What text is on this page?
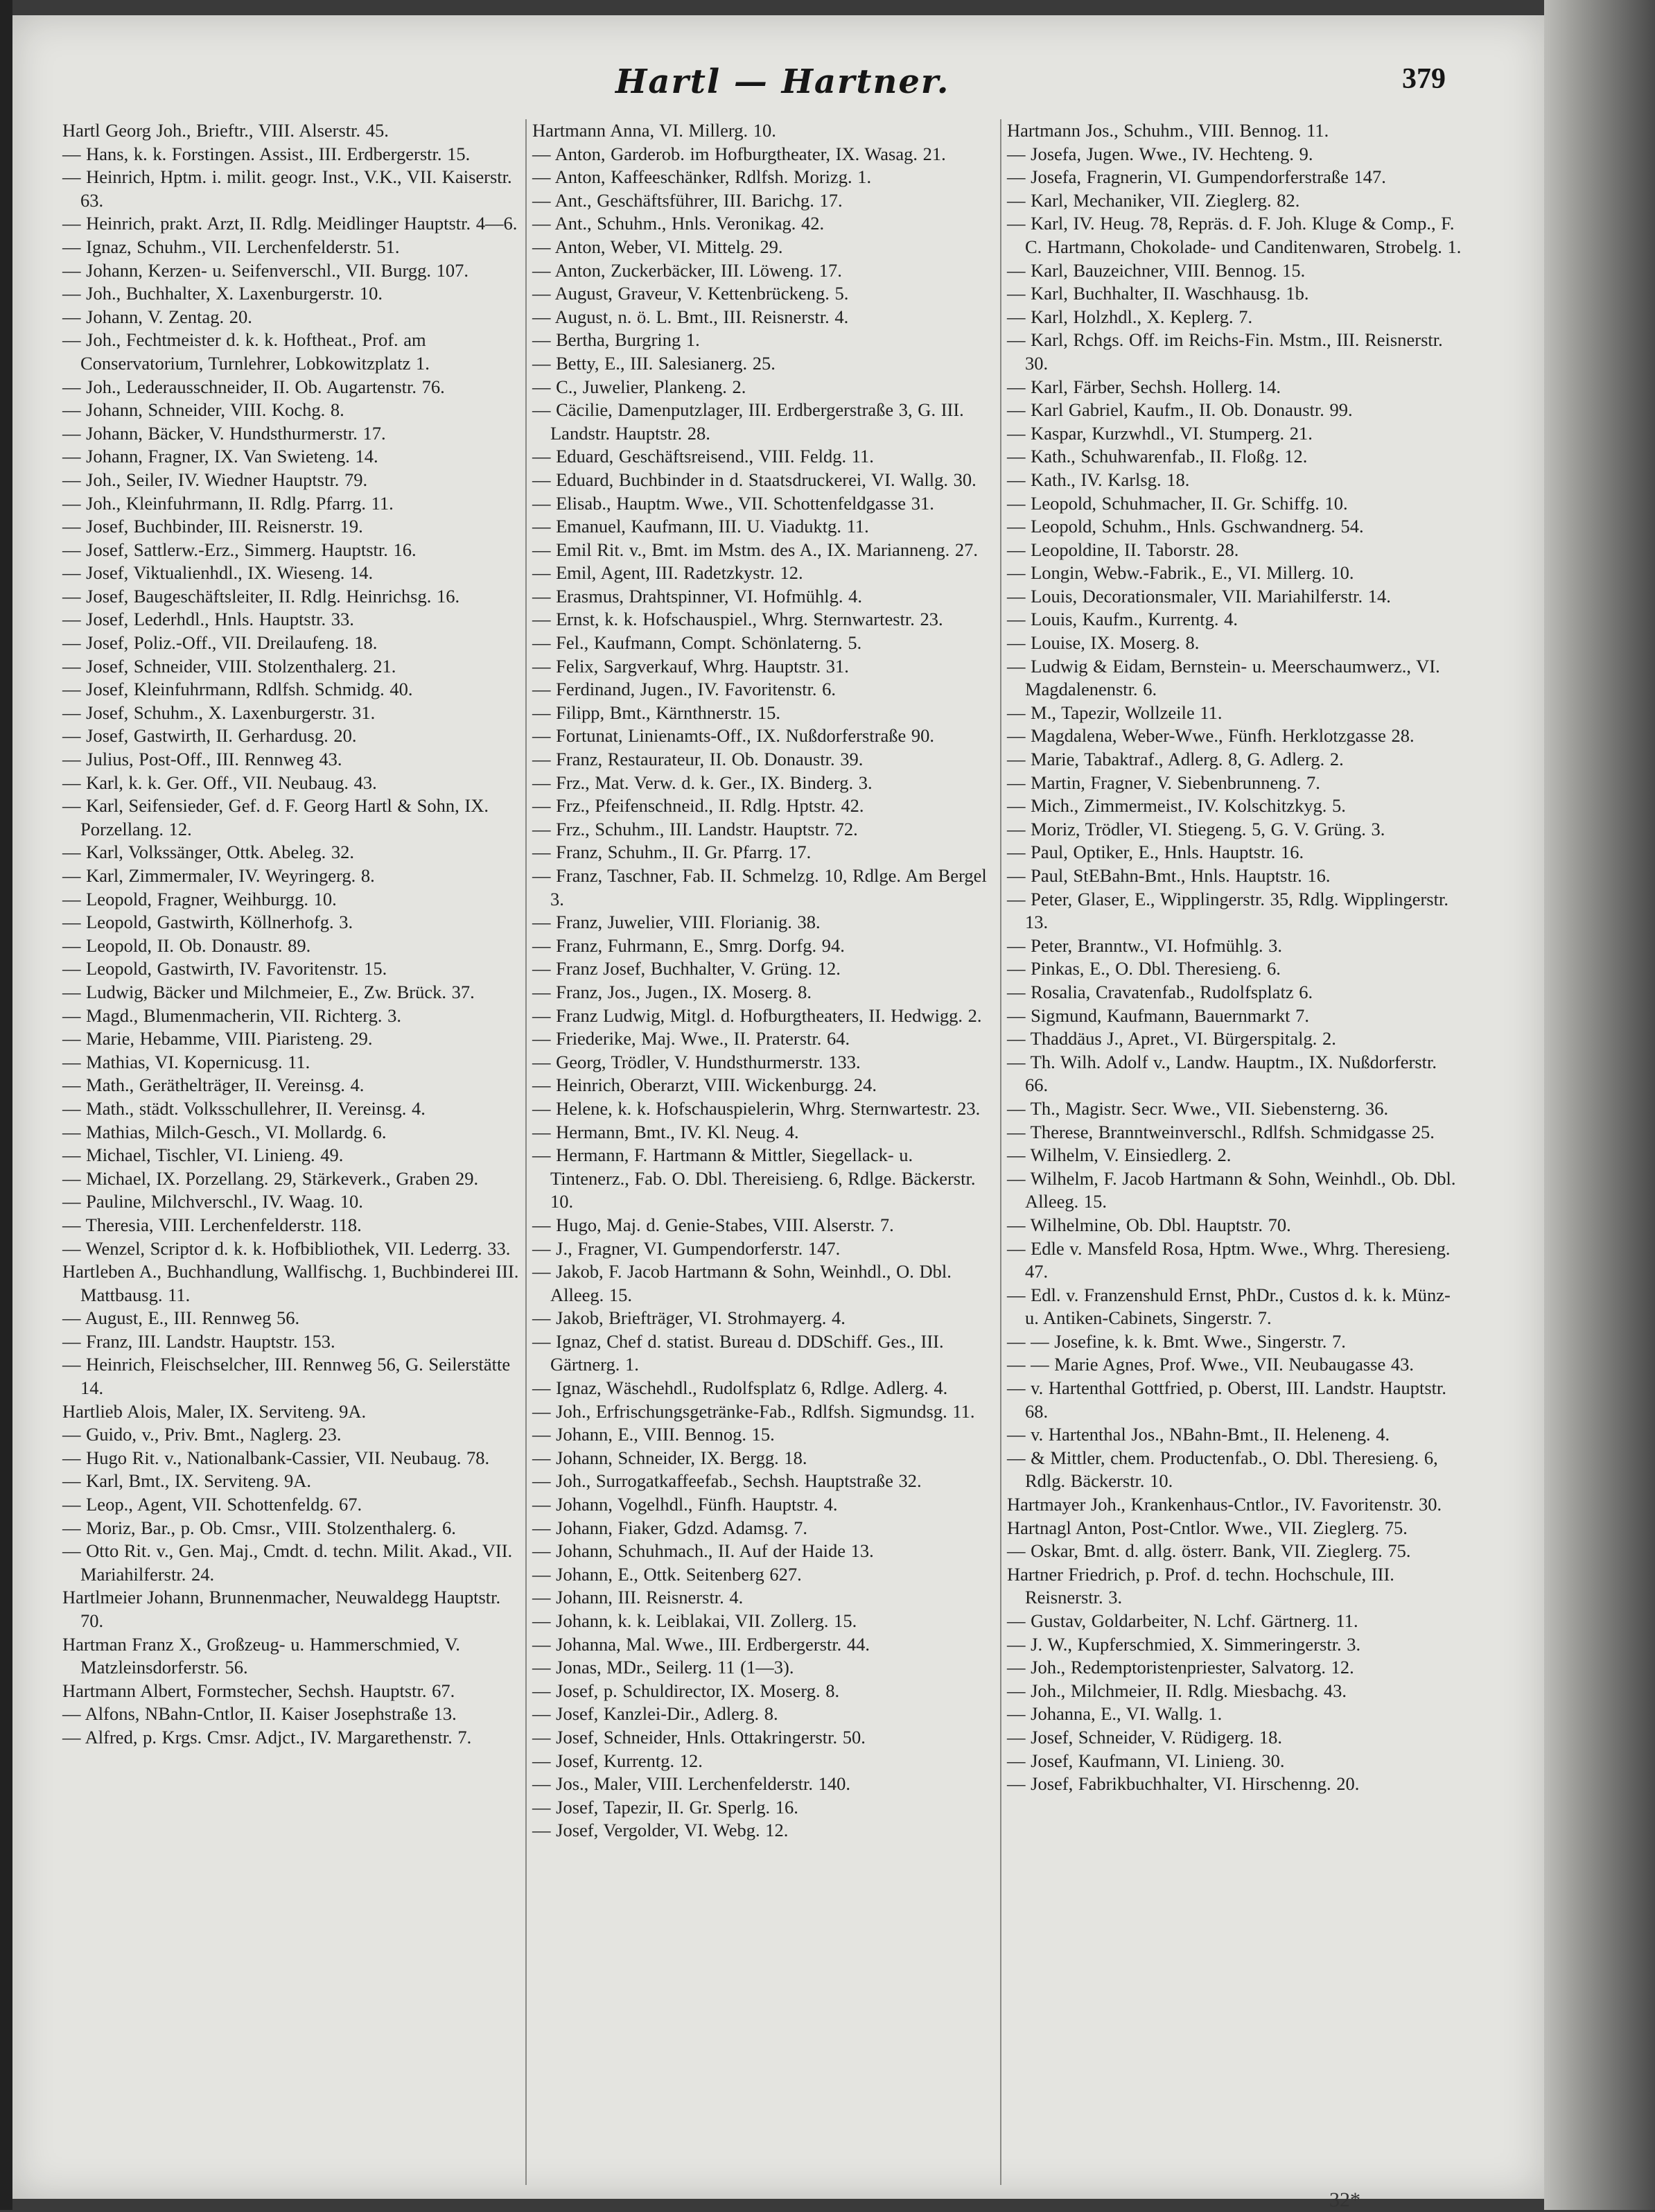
Hartl — Hartner.	379

Hartl Georg Joh., Brieftr., VIII. Alserstr. 45.

— Hans, k. k. Forstingen. Assist., III. Erdbergerstr. 15.

— Heinrich, Hptm. i. milit. geogr. Inst., V.K., VII. Kaiserstr. 63.

— Heinrich, prakt. Arzt, II. Rdlg. Meidlinger Hauptstr. 4—6.

— Ignaz, Schuhm., VII. Lerchenfelderstr. 51.

— Johann, Kerzen- u. Seifenverschl., VII. Burgg. 107.

— Joh., Buchhalter, X. Laxenburgerstr. 10.

— Johann, V. Zentag. 20.

— Joh., Fechtmeister d. k. k. Hoftheat., Prof. am Conservatorium, Turnlehrer, Lobkowitzplatz 1.

— Joh., Lederausschneider, II. Ob. Augartenstr. 76.

— Johann, Schneider, VIII. Kochg. 8.

— Johann, Bäcker, V. Hundsthurmerstr. 17.

— Johann, Fragner, IX. Van Swieteng. 14.

— Joh., Seiler, IV. Wiedner Hauptstr. 79.

— Joh., Kleinfuhrmann, II. Rdlg. Pfarrg. 11.

— Josef, Buchbinder, III. Reisnerstr. 19.

— Josef, Sattlerw.-Erz., Simmerg. Hauptstr. 16.

— Josef, Viktualienhdl., IX. Wieseng. 14.

— Josef, Baugeschäftsleiter, II. Rdlg. Heinrichsg. 16.

— Josef, Lederhdl., Hnls. Hauptstr. 33.

— Josef, Poliz.-Off., VII. Dreilaufeng. 18.

— Josef, Schneider, VIII. Stolzenthalerg. 21.

— Josef, Kleinfuhrmann, Rdlfsh. Schmidg. 40.

— Josef, Schuhm., X. Laxenburgerstr. 31.

— Josef, Gastwirth, II. Gerhardusg. 20.

— Julius, Post-Off., III. Rennweg 43.

— Karl, k. k. Ger. Off., VII. Neubaug. 43.

— Karl, Seifensieder, Gef. d. F. Georg Hartl & Sohn, IX. Porzellang. 12.

— Karl, Volkssänger, Ottk. Abeleg. 32.

— Karl, Zimmermaler, IV. Weyringerg. 8.

— Leopold, Fragner, Weihburgg. 10.

— Leopold, Gastwirth, Köllnerhofg. 3.

— Leopold, II. Ob. Donaustr. 89.

— Leopold, Gastwirth, IV. Favoritenstr. 15.

— Ludwig, Bäcker und Milchmeier, E., Zw. Brück. 37.

— Magd., Blumenmacherin, VII. Richterg. 3.

— Marie, Hebamme, VIII. Piaristeng. 29.

— Mathias, VI. Kopernicusg. 11.

— Math., Geräthelträger, II. Vereinsg. 4.

— Math., städt. Volksschullehrer, II. Vereinsg. 4.

— Mathias, Milch-Gesch., VI. Mollardg. 6.

— Michael, Tischler, VI. Linieng. 49.

— Michael, IX. Porzellang. 29, Stärkeverk., Graben 29.

— Pauline, Milchverschl., IV. Waag. 10.

— Theresia, VIII. Lerchenfelderstr. 118.

— Wenzel, Scriptor d. k. k. Hofbibliothek, VII. Lederrg. 33.

Hartleben A., Buchhandlung, Wallfischg. 1, Buchbinderei III. Mattbausg. 11.

— August, E., III. Rennweg 56.

— Franz, III. Landstr. Hauptstr. 153.

— Heinrich, Fleischselcher, III. Rennweg 56, G. Seilerstätte 14.

Hartlieb Alois, Maler, IX. Serviteng. 9A.

— Guido, v., Priv. Bmt., Naglerg. 23.

— Hugo Rit. v., Nationalbank-Cassier, VII. Neubaug. 78.

— Karl, Bmt., IX. Serviteng. 9A.

— Leop., Agent, VII. Schottenfeldg. 67.

— Moriz, Bar., p. Ob. Cmsr., VIII. Stolzenthalerg. 6.

— Otto Rit. v., Gen. Maj., Cmdt. d. techn. Milit. Akad., VII. Mariahilferstr. 24.

Hartlmeier Johann, Brunnenmacher, Neuwaldegg Hauptstr. 70.

Hartman Franz X., Großzeug- u. Hammerschmied, V. Matzleinsdorferstr. 56.

Hartmann Albert, Formstecher, Sechsh. Hauptstr. 67.

— Alfons, NBahn-Cntlor, II. Kaiser Josephstraße 13.

— Alfred, p. Krgs. Cmsr. Adjct., IV. Margarethenstr. 7.

Hartmann Anna, VI. Millerg. 10.

— Anton, Garderob. im Hofburgtheater, IX. Wasag. 21.

— Anton, Kaffeeschänker, Rdlfsh. Morizg. 1.

— Ant., Geschäftsführer, III. Barichg. 17.

— Ant., Schuhm., Hnls. Veronikag. 42.

— Anton, Weber, VI. Mittelg. 29.

— Anton, Zuckerbäcker, III. Löweng. 17.

— August, Graveur, V. Kettenbrückeng. 5.

— August, n. ö. L. Bmt., III. Reisnerstr. 4.

— Bertha, Burgring 1.

— Betty, E., III. Salesianerg. 25.

— C., Juwelier, Plankeng. 2.

— Cäcilie, Damenputzlager, III. Erdbergerstraße 3, G. III. Landstr. Hauptstr. 28.

— Eduard, Geschäftsreisend., VIII. Feldg. 11.

— Eduard, Buchbinder in d. Staatsdruckerei, VI. Wallg. 30.

— Elisab., Hauptm. Wwe., VII. Schottenfeldgasse 31.

— Emanuel, Kaufmann, III. U. Viaduktg. 11.

— Emil Rit. v., Bmt. im Mstm. des A., IX. Marianneng. 27.

— Emil, Agent, III. Radetzkystr. 12.

— Erasmus, Drahtspinner, VI. Hofmühlg. 4.

— Ernst, k. k. Hofschauspiel., Whrg. Sternwartestr. 23.

— Fel., Kaufmann, Compt. Schönlaterng. 5.

— Felix, Sargverkauf, Whrg. Hauptstr. 31.

— Ferdinand, Jugen., IV. Favoritenstr. 6.

— Filipp, Bmt., Kärnthnerstr. 15.

— Fortunat, Linienamts-Off., IX. Nußdorferstraße 90.

— Franz, Restaurateur, II. Ob. Donaustr. 39.

— Frz., Mat. Verw. d. k. Ger., IX. Binderg. 3.

— Frz., Pfeifenschneid., II. Rdlg. Hptstr. 42.

— Frz., Schuhm., III. Landstr. Hauptstr. 72.

— Franz, Schuhm., II. Gr. Pfarrg. 17.

— Franz, Taschner, Fab. II. Schmelzg. 10, Rdlge. Am Bergel 3.

— Franz, Juwelier, VIII. Florianig. 38.

— Franz, Fuhrmann, E., Smrg. Dorfg. 94.

— Franz Josef, Buchhalter, V. Grüng. 12.

— Franz, Jos., Jugen., IX. Moserg. 8.

— Franz Ludwig, Mitgl. d. Hofburgtheaters, II. Hedwigg. 2.

— Friederike, Maj. Wwe., II. Praterstr. 64.

— Georg, Trödler, V. Hundsthurmerstr. 133.

— Heinrich, Oberarzt, VIII. Wickenburgg. 24.

— Helene, k. k. Hofschauspielerin, Whrg. Sternwartestr. 23.

— Hermann, Bmt., IV. Kl. Neug. 4.

— Hermann, F. Hartmann & Mittler, Siegellack- u. Tintenerz., Fab. O. Dbl. Thereisieng. 6, Rdlge. Bäckerstr. 10.

— Hugo, Maj. d. Genie-Stabes, VIII. Alserstr. 7.

— J., Fragner, VI. Gumpendorferstr. 147.

— Jakob, F. Jacob Hartmann & Sohn, Weinhdl., O. Dbl. Alleeg. 15.

— Jakob, Briefträger, VI. Strohmayerg. 4.

— Ignaz, Chef d. statist. Bureau d. DDSchiff. Ges., III. Gärtnerg. 1.

— Ignaz, Wäschehdl., Rudolfsplatz 6, Rdlge. Adlerg. 4.

— Joh., Erfrischungsgetränke-Fab., Rdlfsh. Sigmundsg. 11.

— Johann, E., VIII. Bennog. 15.

— Johann, Schneider, IX. Bergg. 18.

— Joh., Surrogatkaffeefab., Sechsh. Hauptstraße 32.

— Johann, Vogelhdl., Fünfh. Hauptstr. 4.

— Johann, Fiaker, Gdzd. Adamsg. 7.

— Johann, Schuhmach., II. Auf der Haide 13.

— Johann, E., Ottk. Seitenberg 627.

— Johann, III. Reisnerstr. 4.

— Johann, k. k. Leiblakai, VII. Zollerg. 15.

— Johanna, Mal. Wwe., III. Erdbergerstr. 44.

— Jonas, MDr., Seilerg. 11 (1—3).

— Josef, p. Schuldirector, IX. Moserg. 8.

— Josef, Kanzlei-Dir., Adlerg. 8.

— Josef, Schneider, Hnls. Ottakringerstr. 50.

— Josef, Kurrentg. 12.

— Jos., Maler, VIII. Lerchenfelderstr. 140.

— Josef, Tapezir, II. Gr. Sperlg. 16.

— Josef, Vergolder, VI. Webg. 12.

Hartmann Jos., Schuhm., VIII. Bennog. 11.

— Josefa, Jugen. Wwe., IV. Hechteng. 9.

— Josefa, Fragnerin, VI. Gumpendorferstraße 147.

— Karl, Mechaniker, VII. Zieglerg. 82.

— Karl, IV. Heug. 78, Repräs. d. F. Joh. Kluge & Comp., F. C. Hartmann, Chokolade- und Canditenwaren, Strobelg. 1.

— Karl, Bauzeichner, VIII. Bennog. 15.

— Karl, Buchhalter, II. Waschhausg. 1b.

— Karl, Holzhdl., X. Keplerg. 7.

— Karl, Rchgs. Off. im Reichs-Fin. Mstm., III. Reisnerstr. 30.

— Karl, Färber, Sechsh. Hollerg. 14.

— Karl Gabriel, Kaufm., II. Ob. Donaustr. 99.

— Kaspar, Kurzwhdl., VI. Stumperg. 21.

— Kath., Schuhwarenfab., II. Floßg. 12.

— Kath., IV. Karlsg. 18.

— Leopold, Schuhmacher, II. Gr. Schiffg. 10.

— Leopold, Schuhm., Hnls. Gschwandnerg. 54.

— Leopoldine, II. Taborstr. 28.

— Longin, Webw.-Fabrik., E., VI. Millerg. 10.

— Louis, Decorationsmaler, VII. Mariahilferstr. 14.

— Louis, Kaufm., Kurrentg. 4.

— Louise, IX. Moserg. 8.

— Ludwig & Eidam, Bernstein- u. Meerschaumwerz., VI. Magdalenenstr. 6.

— M., Tapezir, Wollzeile 11.

— Magdalena, Weber-Wwe., Fünfh. Herklotzgasse 28.

— Marie, Tabaktraf., Adlerg. 8, G. Adlerg. 2.

— Martin, Fragner, V. Siebenbrunneng. 7.

— Mich., Zimmermeist., IV. Kolschitzkyg. 5.

— Moriz, Trödler, VI. Stiegeng. 5, G. V. Grüng. 3.

— Paul, Optiker, E., Hnls. Hauptstr. 16.

— Paul, StEBahn-Bmt., Hnls. Hauptstr. 16.

— Peter, Glaser, E., Wipplingerstr. 35, Rdlg. Wipplingerstr. 13.

— Peter, Branntw., VI. Hofmühlg. 3.

— Pinkas, E., O. Dbl. Theresieng. 6.

— Rosalia, Cravatenfab., Rudolfsplatz 6.

— Sigmund, Kaufmann, Bauernmarkt 7.

— Thaddäus J., Apret., VI. Bürgerspitalg. 2.

— Th. Wilh. Adolf v., Landw. Hauptm., IX. Nußdorferstr. 66.

— Th., Magistr. Secr. Wwe., VII. Siebensterng. 36.

— Therese, Branntweinverschl., Rdlfsh. Schmidgasse 25.

— Wilhelm, V. Einsiedlerg. 2.

— Wilhelm, F. Jacob Hartmann & Sohn, Weinhdl., Ob. Dbl. Alleeg. 15.

— Wilhelmine, Ob. Dbl. Hauptstr. 70.

— Edle v. Mansfeld Rosa, Hptm. Wwe., Whrg. Theresieng. 47.

— Edl. v. Franzenshuld Ernst, PhDr., Custos d. k. k. Münz- u. Antiken-Cabinets, Singerstr. 7.

— — Josefine, k. k. Bmt. Wwe., Singerstr. 7.

— — Marie Agnes, Prof. Wwe., VII. Neubaugasse 43.

— v. Hartenthal Gottfried, p. Oberst, III. Landstr. Hauptstr. 68.

— v. Hartenthal Jos., NBahn-Bmt., II. Heleneng. 4.

— & Mittler, chem. Productenfab., O. Dbl. Theresieng. 6, Rdlg. Bäckerstr. 10.

Hartmayer Joh., Krankenhaus-Cntlor., IV. Favoritenstr. 30.

Hartnagl Anton, Post-Cntlor. Wwe., VII. Zieglerg. 75.

— Oskar, Bmt. d. allg. österr. Bank, VII. Zieglerg. 75.

Hartner Friedrich, p. Prof. d. techn. Hochschule, III. Reisnerstr. 3.

— Gustav, Goldarbeiter, N. Lchf. Gärtnerg. 11.

— J. W., Kupferschmied, X. Simmeringerstr. 3.

— Joh., Redemptoristenpriester, Salvatorg. 12.

— Joh., Milchmeier, II. Rdlg. Miesbachg. 43.

— Johanna, E., VI. Wallg. 1.

— Josef, Schneider, V. Rüdigerg. 18.

— Josef, Kaufmann, VI. Linieng. 30.

— Josef, Fabrikbuchhalter, VI. Hirschenng. 20.

32*
